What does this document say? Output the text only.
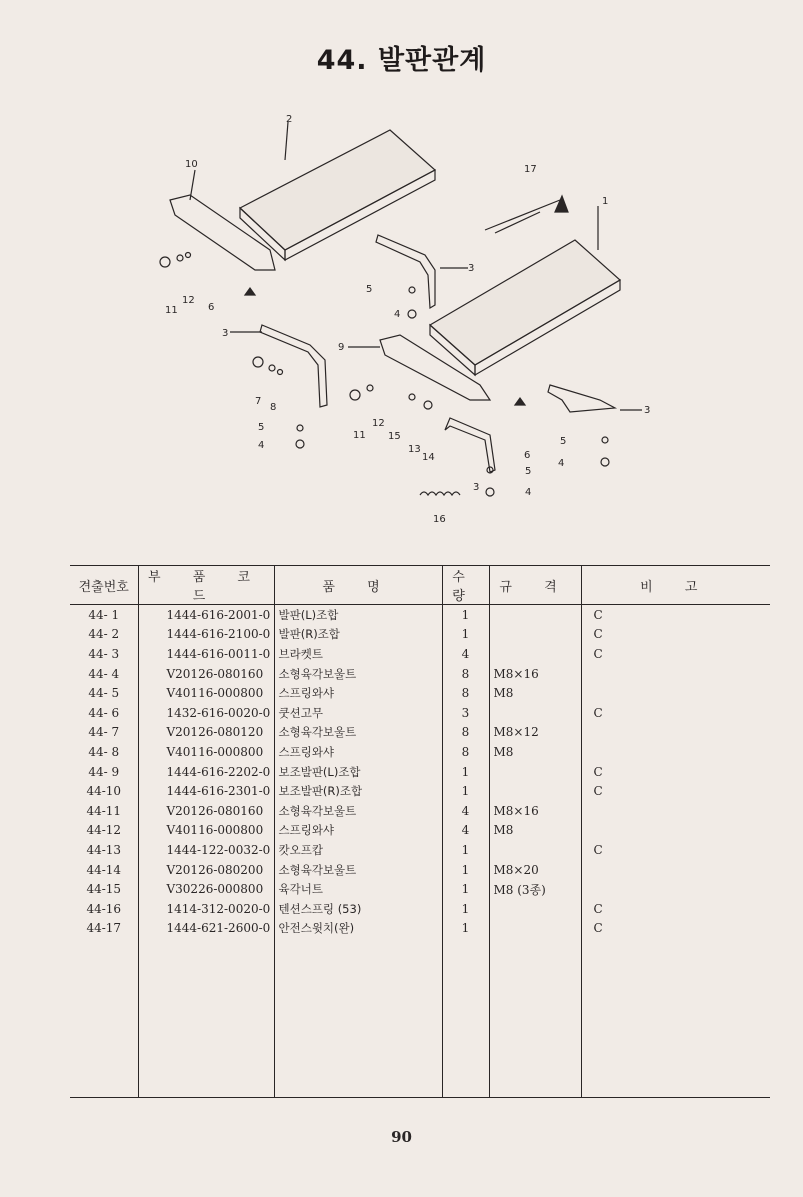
44. 발판관계
1
2
3
3
3
3
4
4
4
4
5
5
5
5
6
6
7
8
9
10
11
11
12
12
13
14
15
16
17
견출번호	부 품 코 드	품 명	수 량	규 격	비 고
44- 1	1444-616-2001-0	발판(L)조합	1		C
44- 2	1444-616-2100-0	발판(R)조합	1		C
44- 3	1444-616-0011-0	브라켓트	4		C
44- 4	V20126-080160	소형육각보울트	8	M8×16	
44- 5	V40116-000800	스프링와샤	8	M8	
44- 6	1432-616-0020-0	쿳션고무	3		C
44- 7	V20126-080120	소형육각보울트	8	M8×12	
44- 8	V40116-000800	스프링와샤	8	M8	
44- 9	1444-616-2202-0	보조발판(L)조합	1		C
44-10	1444-616-2301-0	보조발판(R)조합	1		C
44-11	V20126-080160	소형육각보울트	4	M8×16	
44-12	V40116-000800	스프링와샤	4	M8	
44-13	1444-122-0032-0	캇오프캅	1		C
44-14	V20126-080200	소형육각보울트	1	M8×20	
44-15	V30226-000800	육각너트	1	M8 (3종)	
44-16	1414-312-0020-0	텐션스프링 (53)	1		C
44-17	1444-621-2600-0	안전스윗치(완)	1		C

90
